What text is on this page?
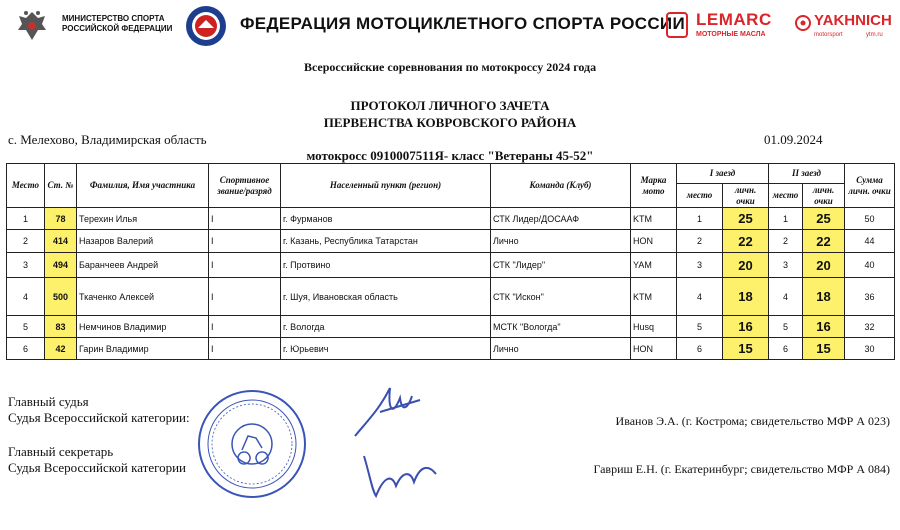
МИНИСТЕРСТВО СПОРТА
РОССИЙСКОЙ ФЕДЕРАЦИИ	ФЕДЕРАЦИЯ МОТОЦИКЛЕТНОГО СПОРТА РОССИИ LEMARC
МОТОРНЫЕ МАСЛА
YAKHNICH
motorsport	ytm.ru
Всероссийские соревнования по мотокроссу 2024 года
ПРОТОКОЛ ЛИЧНОГО ЗАЧЕТА
ПЕРВЕНСТВА КОВРОВСКОГО РАЙОНА
с. Мелехово, Владимирская область	01.09.2024
мотокросс 0910007511Я- класс "Ветераны 45-52"
Место	Ст. №	Фамилия, Имя участника	Спортивное звание/разряд	Населенный пункт (регион)	Команда (Клуб)	Марка мото	I заезд		II заезд		Сумма личн. очки
							место	личн. очки	место	личн. очки	
1	78	Терехин Илья	I	г. Фурманов	СТК Лидер/ДОСААФ	KTM	1	25	1	25	50
2	414	Назаров Валерий	I	г. Казань, Республика Татарстан	Лично	HON	2	22	2	22	44
3	494	Баранчеев Андрей	I	г. Протвино	СТК "Лидер"	YAM	3	20	3	20	40
4	500	Ткаченко Алексей	I	г. Шуя, Ивановская область	СТК "Искон"	KTM	4	18	4	18	36
5	83	Немчинов Владимир	I	г. Вологда	МСТК "Вологда"	Husq	5	16	5	16	32
6	42	Гарин Владимир	I	г. Юрьевич	Лично	HON	6	15	6	15	30
Главный судья
Судья Всероссийской категории:	Иванов Э.А. (г. Кострома; свидетельство МФР А 023)
Главный секретарь
Судья Всероссийской категории	Гавриш Е.Н. (г. Екатеринбург; свидетельство МФР А 084)
